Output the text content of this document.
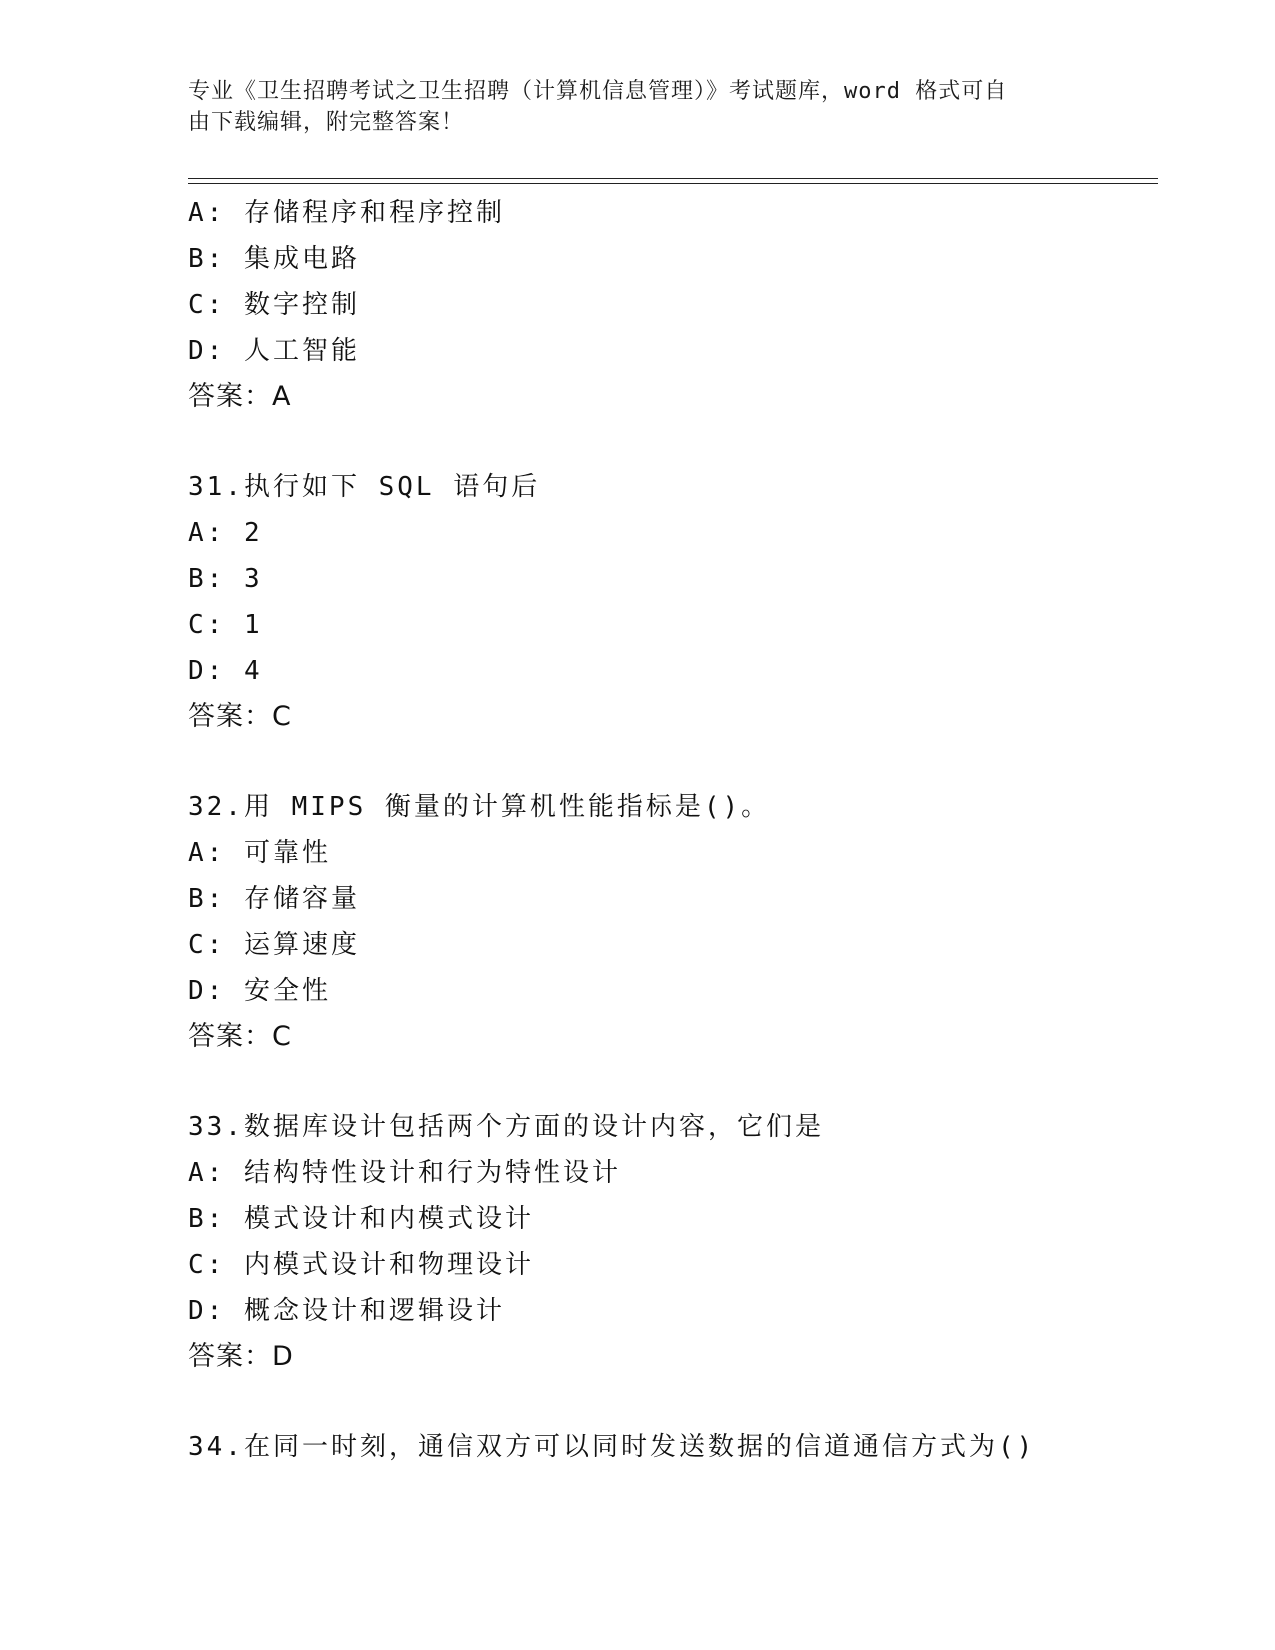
专业《卫生招聘考试之卫生招聘（计算机信息管理）》考试题库，word 格式可自
由下载编辑，附完整答案！
A: 存储程序和程序控制
B: 集成电路
C: 数字控制
D: 人工智能
答案：A
31.执行如下 SQL 语句后
A: 2
B: 3
C: 1
D: 4
答案：C
32.用 MIPS 衡量的计算机性能指标是()。
A: 可靠性
B: 存储容量
C: 运算速度
D: 安全性
答案：C
33.数据库设计包括两个方面的设计内容，它们是
A: 结构特性设计和行为特性设计
B: 模式设计和内模式设计
C: 内模式设计和物理设计
D: 概念设计和逻辑设计
答案：D
34.在同一时刻，通信双方可以同时发送数据的信道通信方式为()
